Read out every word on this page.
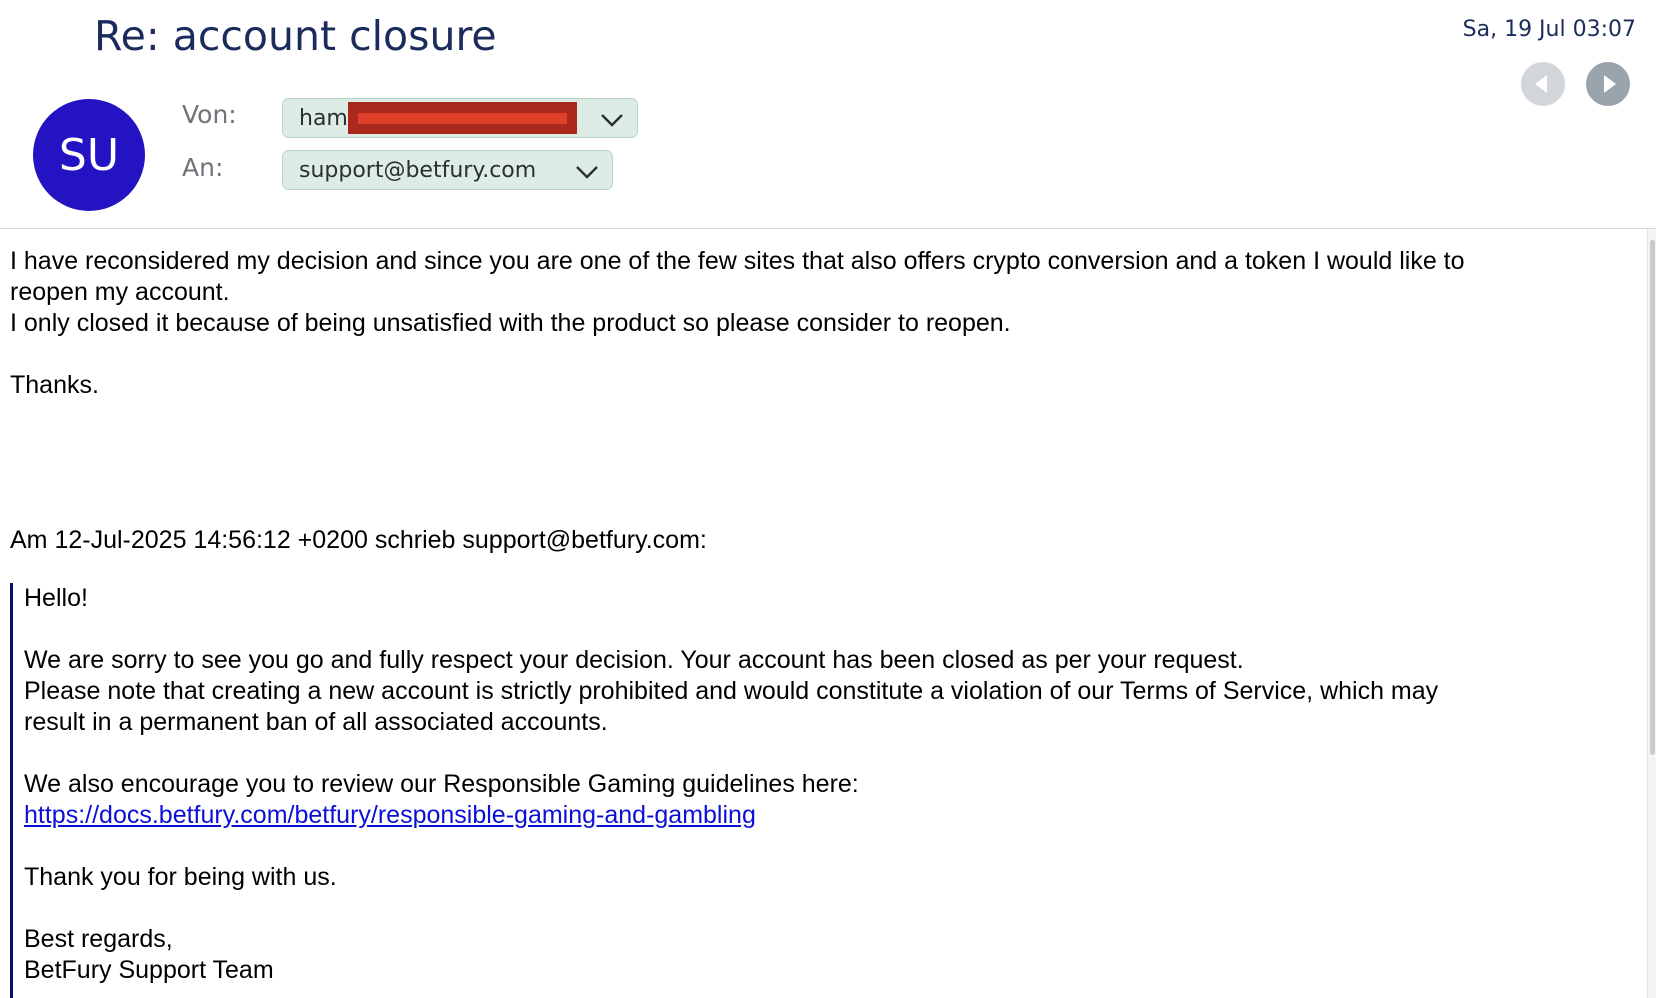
Re: account closure	Sa, 19 Jul 03:07
SU
Von:	ham
An:	support@betfury.com

I have reconsidered my decision and since you are one of the few sites that also offers crypto conversion and a token I would like to

reopen my account.

I only closed it because of being unsatisfied with the product so please consider to reopen.

Thanks.

Am 12-Jul-2025 14:56:12 +0200 schrieb support@betfury.com:

Hello!

We are sorry to see you go and fully respect your decision. Your account has been closed as per your request.

Please note that creating a new account is strictly prohibited and would constitute a violation of our Terms of Service, which may

result in a permanent ban of all associated accounts.

We also encourage you to review our Responsible Gaming guidelines here:

https://docs.betfury.com/betfury/responsible-gaming-and-gambling

Thank you for being with us.

Best regards,

BetFury Support Team
